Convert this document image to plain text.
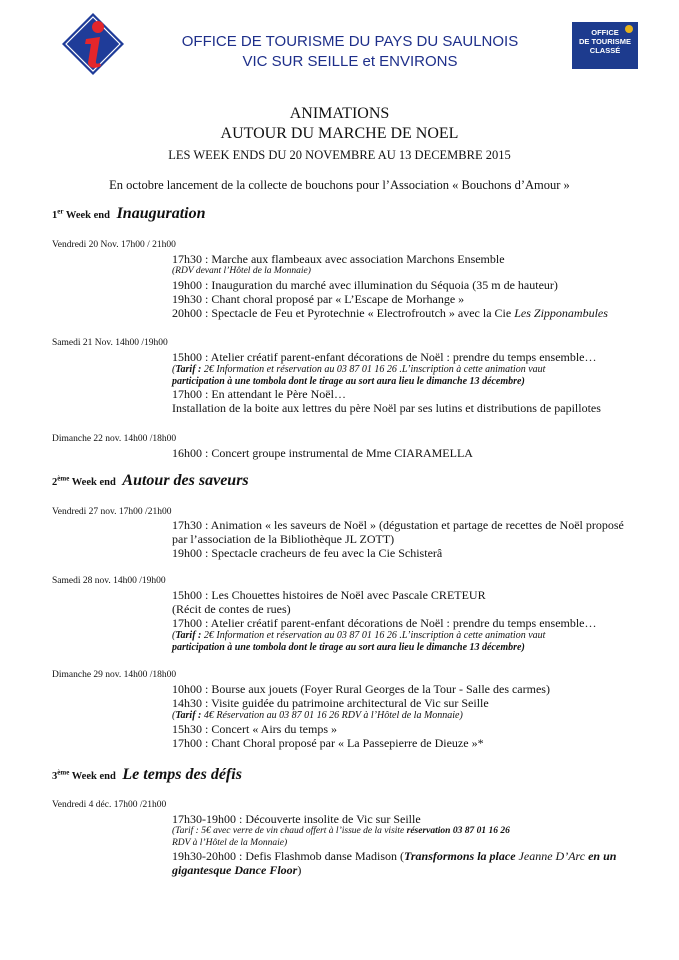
OFFICE
DE TOURISME
CLASSÉ
OFFICE DE TOURISME DU PAYS DU SAULNOIS
VIC SUR SEILLE et ENVIRONS
ANIMATIONS
AUTOUR DU MARCHE DE NOEL
LES WEEK ENDS DU 20 NOVEMBRE AU 13 DECEMBRE 2015
En octobre lancement de la collecte de bouchons pour l’Association « Bouchons d’Amour »
1er Week end Inauguration
Vendredi 20 Nov. 17h00 / 21h00
17h30 : Marche aux flambeaux avec association Marchons Ensemble
(RDV devant l’Hôtel de la Monnaie)
19h00 : Inauguration du marché avec illumination du Séquoia (35 m de hauteur)
19h30 : Chant choral proposé par « L’Escape de Morhange »
20h00 : Spectacle de Feu et Pyrotechnie « Electrofroutch » avec la Cie Les Zipponambules
Samedi 21 Nov. 14h00 /19h00
15h00 : Atelier créatif parent-enfant décorations de Noël : prendre du temps ensemble…
(Tarif : 2€ Information et réservation au 03 87 01 16 26 .L’inscription à cette animation vaut
participation à une tombola dont le tirage au sort aura lieu le dimanche 13 décembre)
17h00 : En attendant le Père Noël…
Installation de la boite aux lettres du père Noël par ses lutins et distributions de papillotes
Dimanche 22 nov. 14h00 /18h00
16h00 : Concert groupe instrumental de Mme CIARAMELLA
2ème Week end Autour des saveurs
Vendredi 27 nov. 17h00 /21h00
17h30 : Animation « les saveurs de Noël » (dégustation et partage de recettes de Noël proposé
par l’association de la Bibliothèque JL ZOTT)
19h00 : Spectacle cracheurs de feu avec la Cie Schisterâ
Samedi 28 nov. 14h00 /19h00
15h00 : Les Chouettes histoires de Noël avec Pascale CRETEUR
(Récit de contes de rues)
17h00 : Atelier créatif parent-enfant décorations de Noël : prendre du temps ensemble…
(Tarif : 2€ Information et réservation au 03 87 01 16 26 .L’inscription à cette animation vaut
participation à une tombola dont le tirage au sort aura lieu le dimanche 13 décembre)
Dimanche 29 nov. 14h00 /18h00
10h00 : Bourse aux jouets (Foyer Rural Georges de la Tour - Salle des carmes)
14h30 : Visite guidée du patrimoine architectural de Vic sur Seille
(Tarif : 4€ Réservation au 03 87 01 16 26 RDV à l’Hôtel de la Monnaie)
15h30 : Concert « Airs du temps »
17h00 : Chant Choral proposé par « La Passepierre de Dieuze »*
3ème Week end Le temps des défis
Vendredi 4 déc. 17h00 /21h00
17h30-19h00 : Découverte insolite de Vic sur Seille
(Tarif : 5€ avec verre de vin chaud offert à l’issue de la visite réservation 03 87 01 16 26
RDV à l’Hôtel de la Monnaie)
19h30-20h00 : Defis Flashmob danse Madison (Transformons la place Jeanne D’Arc en un
gigantesque Dance Floor)
